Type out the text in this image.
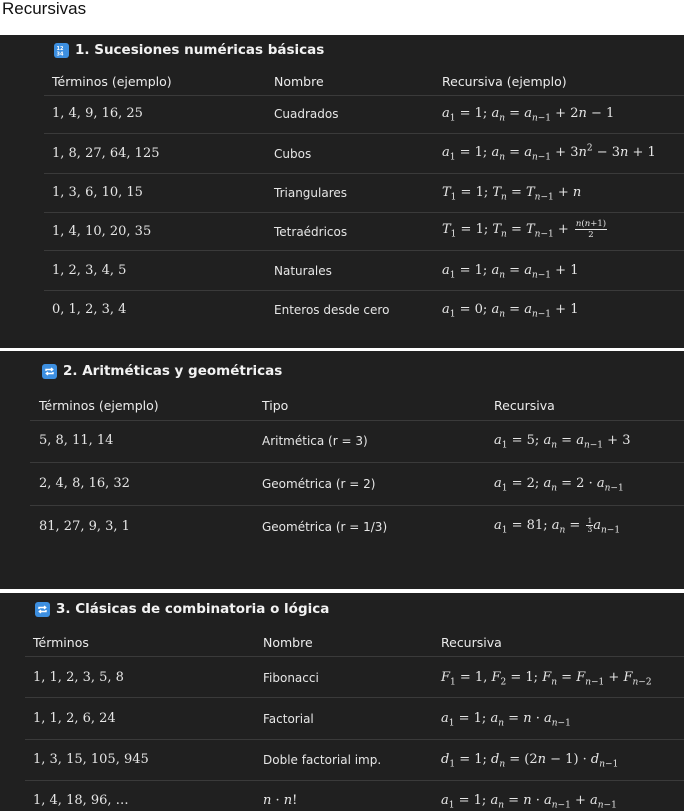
Recursivas
12
34 1. Sucesiones numéricas básicas
Términos (ejemplo)	Nombre	Recursiva (ejemplo)
1, 4, 9, 16, 25	Cuadrados	$a_1 = 1$; $a_n = a_{n-1} + 2n - 1$
1, 8, 27, 64, 125	Cubos	$a_1 = 1$; $a_n = a_{n-1} + 3n^2 - 3n + 1$
1, 3, 6, 10, 15	Triangulares	$T_1 = 1$; $T_n = T_{n-1} + n$
1, 4, 10, 20, 35	Tetraédricos	$T_1 = 1$; $T_n = T_{n-1} + \frac{n(n+1)}{2}$
1, 2, 3, 4, 5	Naturales	$a_1 = 1$; $a_n = a_{n-1} + 1$
0, 1, 2, 3, 4	Enteros desde cero	$a_1 = 0$; $a_n = a_{n-1} + 1$
2. Aritméticas y geométricas
Términos (ejemplo)	Tipo	Recursiva
5, 8, 11, 14	Aritmética (r = 3)	$a_1 = 5$; $a_n = a_{n-1} + 3$
2, 4, 8, 16, 32	Geométrica (r = 2)	$a_1 = 2$; $a_n = 2 \cdot a_{n-1}$
81, 27, 9, 3, 1	Geométrica (r = 1/3)	$a_1 = 81$; $a_n = \frac{1}{3} a_{n-1}$
3. Clásicas de combinatoria o lógica
Términos	Nombre	Recursiva
1, 1, 2, 3, 5, 8	Fibonacci	$F_1 = 1$, $F_2 = 1$; $F_n = F_{n-1} + F_{n-2}$
1, 1, 2, 6, 24	Factorial	$a_1 = 1$; $a_n = n \cdot a_{n-1}$
1, 3, 15, 105, 945	Doble factorial imp.	$d_1 = 1$; $d_n = (2n - 1) \cdot d_{n-1}$
1, 4, 18, 96, …	n · n!	$a_1 = 1$; $a_n = n \cdot a_{n-1} + a_{n-1}$
